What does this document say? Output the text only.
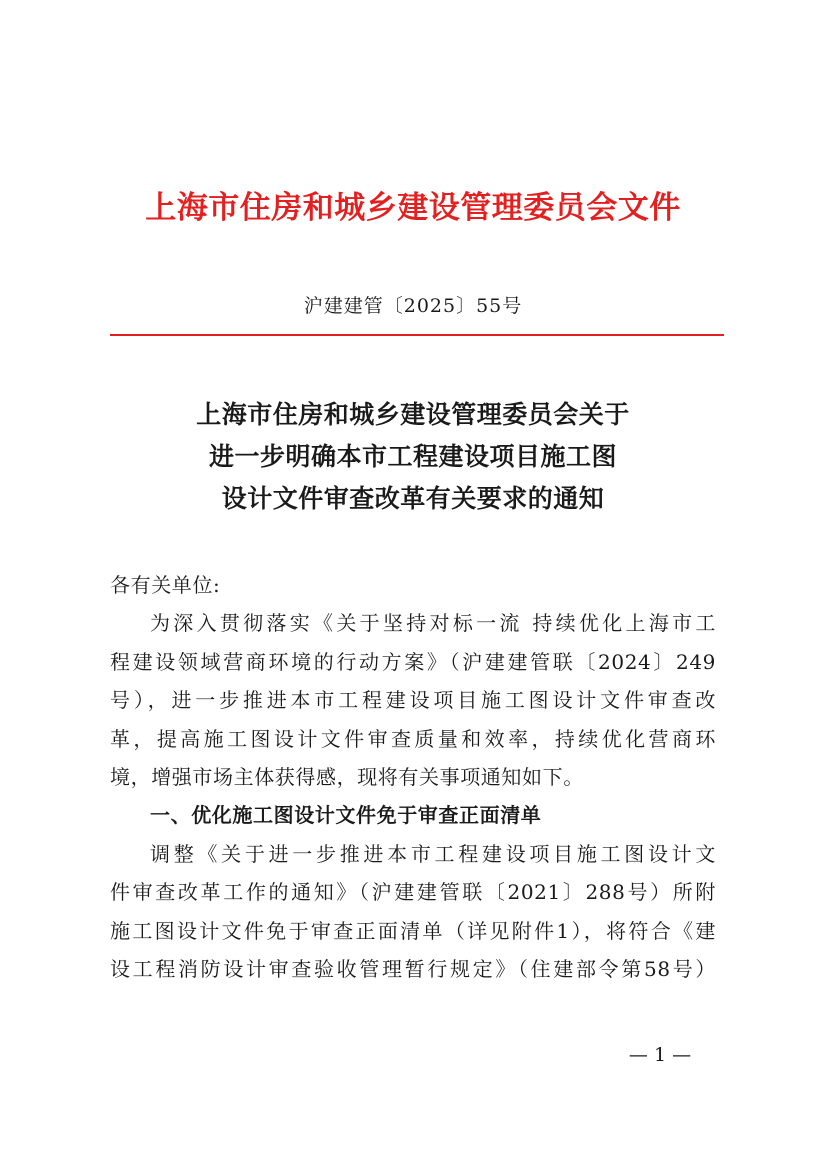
上海市住房和城乡建设管理委员会文件
沪建建管〔2025〕55号
上海市住房和城乡建设管理委员会关于
进一步明确本市工程建设项目施工图
设计文件审查改革有关要求的通知
各有关单位:
为深入贯彻落实《关于坚持对标一流 持续优化上海市工
程建设领域营商环境的行动方案》（沪建建管联〔2024〕249
号），进一步推进本市工程建设项目施工图设计文件审查改
革，提高施工图设计文件审查质量和效率，持续优化营商环
境，增强市场主体获得感，现将有关事项通知如下。
一、优化施工图设计文件免于审查正面清单
调整《关于进一步推进本市工程建设项目施工图设计文
件审查改革工作的通知》（沪建建管联〔2021〕288号）所附
施工图设计文件免于审查正面清单（详见附件1），将符合《建
设工程消防设计审查验收管理暂行规定》（住建部令第58号）
— 1 —
